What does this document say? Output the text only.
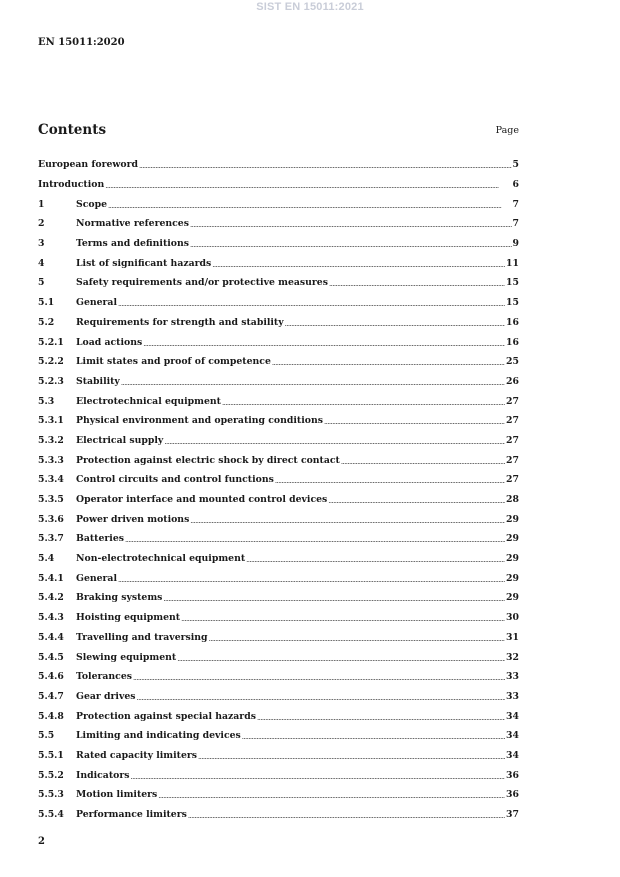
SIST EN 15011:2021
EN 15011:2020
Contents	Page
European foreword .....	5
Introduction .....	6
1	Scope .....	7
2	Normative references .....	7
3	Terms and definitions .....	9
4	List of significant hazards .....	11
5	Safety requirements and/or protective measures .....	15
5.1	General .....	15
5.2	Requirements for strength and stability .....	16
5.2.1	Load actions .....	16
5.2.2	Limit states and proof of competence .....	25
5.2.3	Stability .....	26
5.3	Electrotechnical equipment .....	27
5.3.1	Physical environment and operating conditions .....	27
5.3.2	Electrical supply .....	27
5.3.3	Protection against electric shock by direct contact .....	27
5.3.4	Control circuits and control functions .....	27
5.3.5	Operator interface and mounted control devices .....	28
5.3.6	Power driven motions .....	29
5.3.7	Batteries .....	29
5.4	Non-electrotechnical equipment .....	29
5.4.1	General .....	29
5.4.2	Braking systems .....	29
5.4.3	Hoisting equipment .....	30
5.4.4	Travelling and traversing .....	31
5.4.5	Slewing equipment .....	32
5.4.6	Tolerances .....	33
5.4.7	Gear drives .....	33
5.4.8	Protection against special hazards .....	34
5.5	Limiting and indicating devices .....	34
5.5.1	Rated capacity limiters .....	34
5.5.2	Indicators .....	36
5.5.3	Motion limiters .....	36
5.5.4	Performance limiters .....	37
2
